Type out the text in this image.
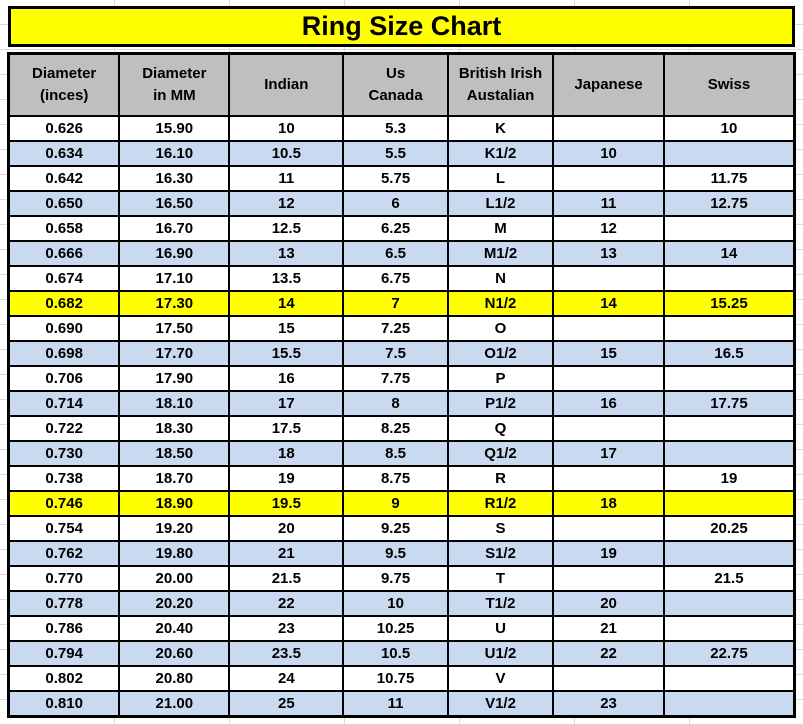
Ring Size Chart
Diameter
(inces)

Diameter
in MM

Indian

Us
Canada

British Irish
Austalian

Japanese	Swiss

0.626	15.90	10	5.3	K		10
0.634	16.10	10.5	5.5	K1/2	10	
0.642	16.30	11	5.75	L		11.75
0.650	16.50	12	6	L1/2	11	12.75
0.658	16.70	12.5	6.25	M	12	
0.666	16.90	13	6.5	M1/2	13	14
0.674	17.10	13.5	6.75	N		
0.682	17.30	14	7	N1/2	14	15.25
0.690	17.50	15	7.25	O		
0.698	17.70	15.5	7.5	O1/2	15	16.5
0.706	17.90	16	7.75	P		
0.714	18.10	17	8	P1/2	16	17.75
0.722	18.30	17.5	8.25	Q		
0.730	18.50	18	8.5	Q1/2	17	
0.738	18.70	19	8.75	R		19
0.746	18.90	19.5	9	R1/2	18	
0.754	19.20	20	9.25	S		20.25
0.762	19.80	21	9.5	S1/2	19	
0.770	20.00	21.5	9.75	T		21.5
0.778	20.20	22	10	T1/2	20	
0.786	20.40	23	10.25	U	21	
0.794	20.60	23.5	10.5	U1/2	22	22.75
0.802	20.80	24	10.75	V		
0.810	21.00	25	11	V1/2	23	
